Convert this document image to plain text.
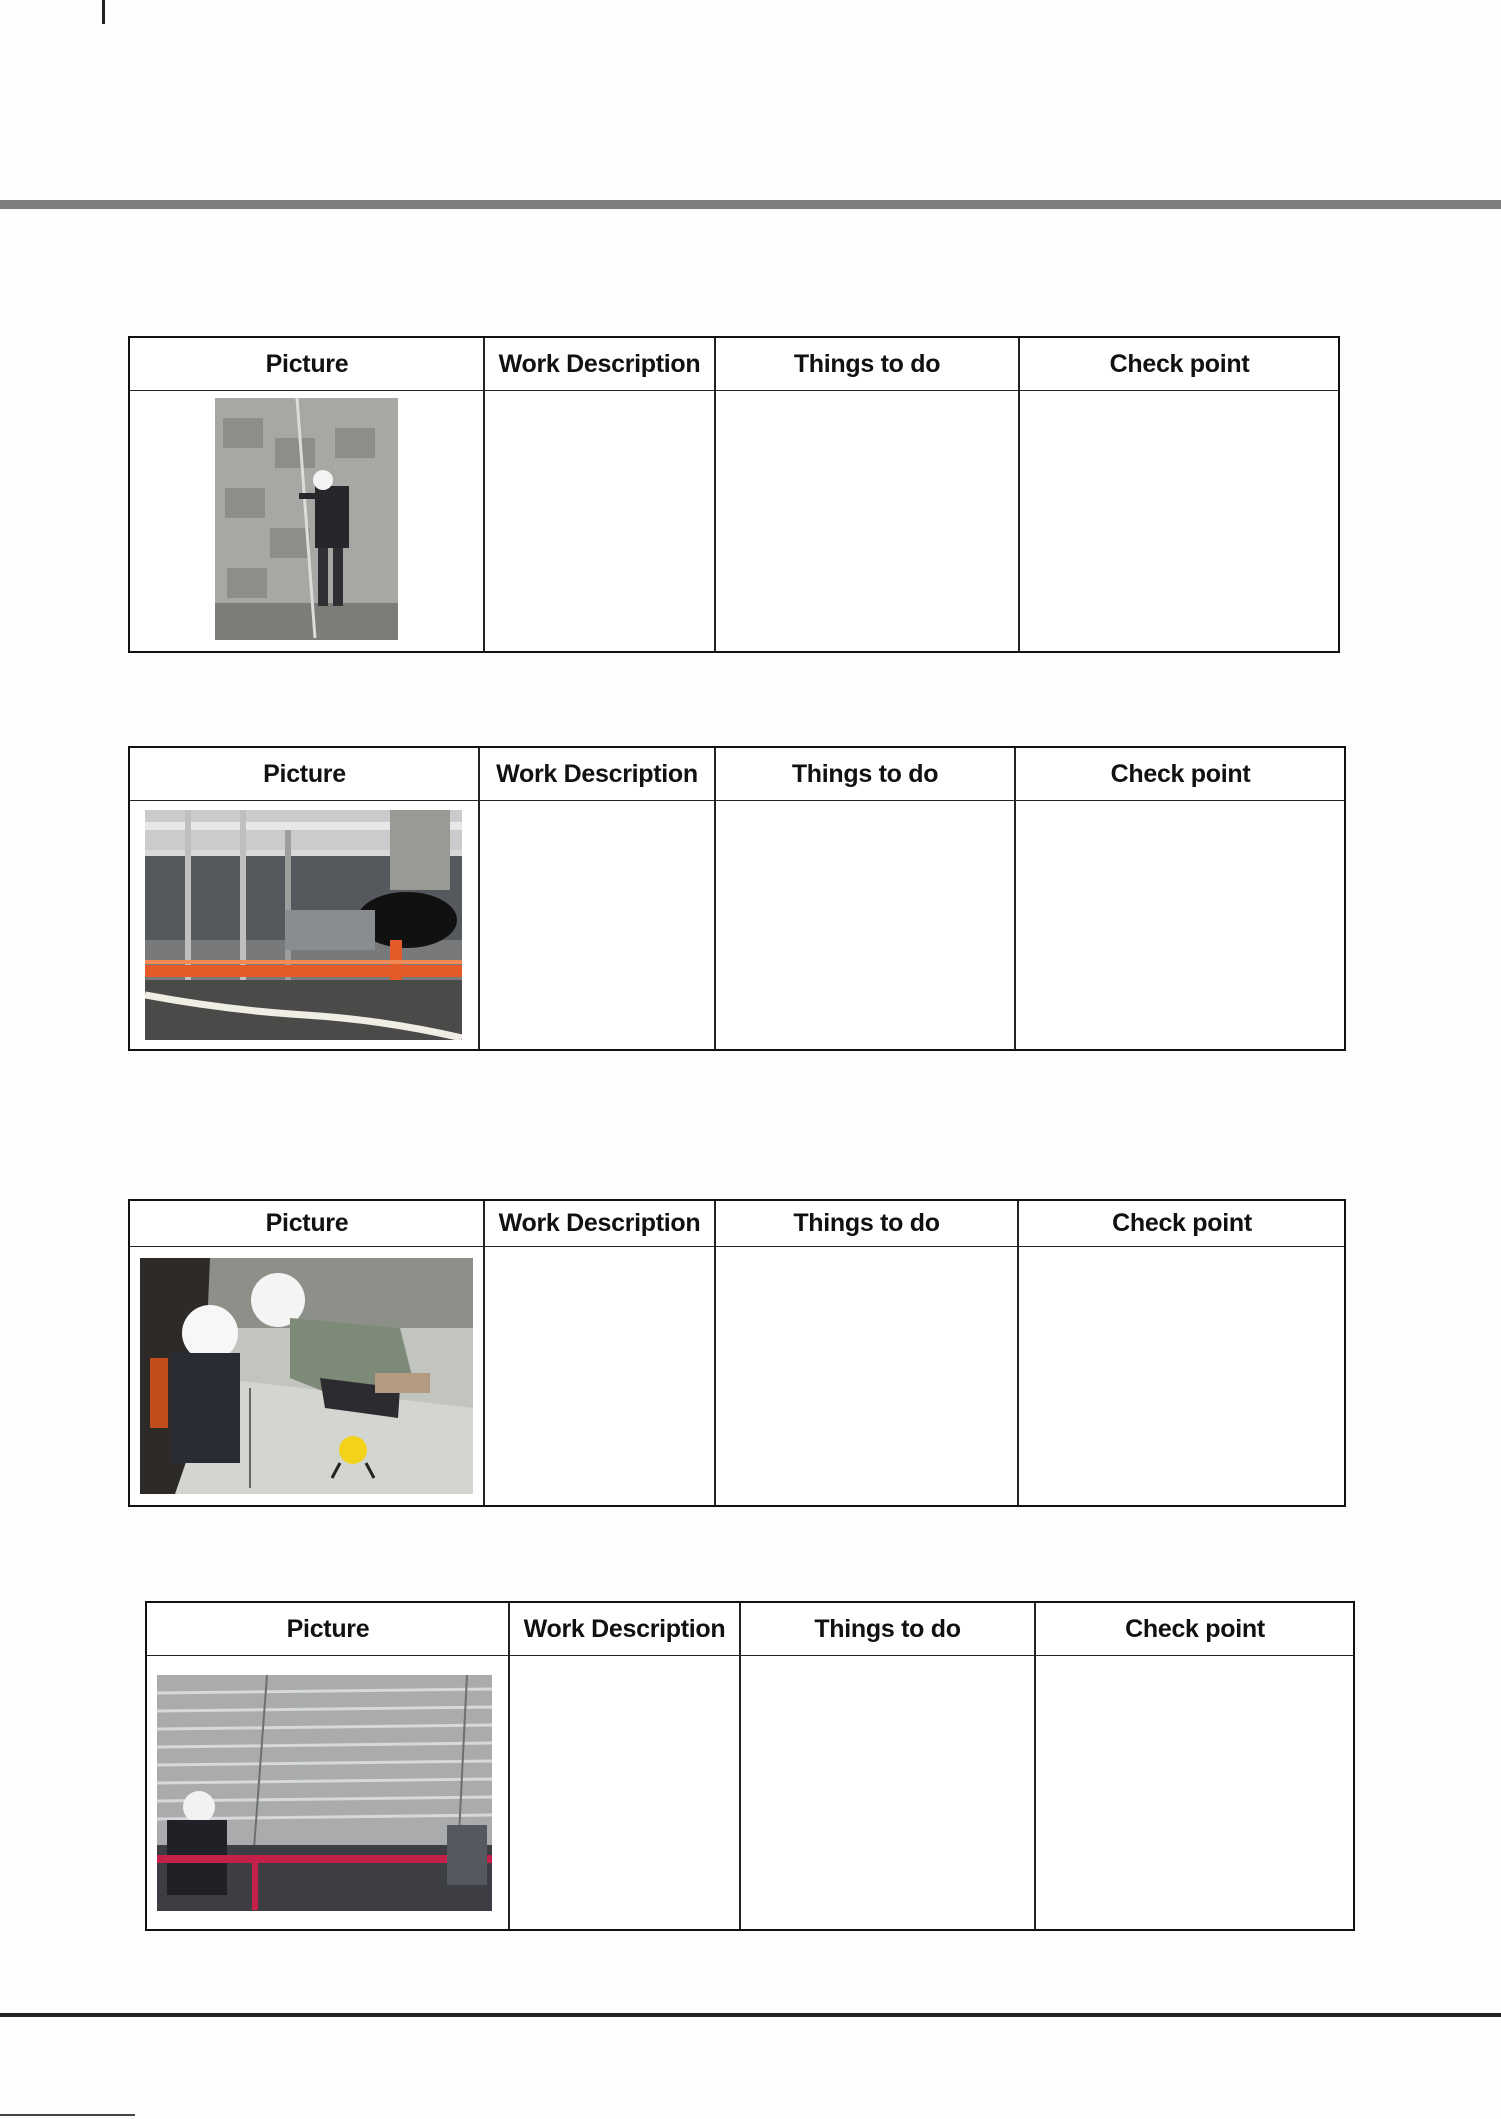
Picture	Work Description	Things to do	Check point
Picture	Work Description	Things to do	Check point
Picture	Work Description	Things to do	Check point
Picture	Work Description	Things to do	Check point
